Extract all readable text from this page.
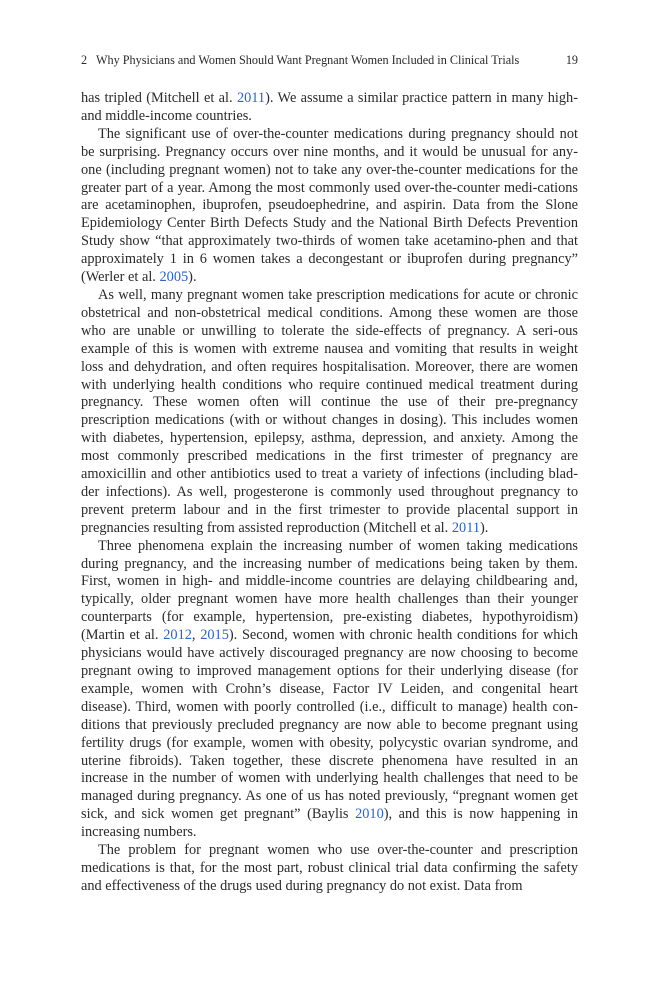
2 Why Physicians and Women Should Want Pregnant Women Included in Clinical Trials	19

has tripled (Mitchell et al. 2011). We assume a similar practice pattern in many high- and middle-income countries.

The significant use of over-the-counter medications during pregnancy should not be surprising. Pregnancy occurs over nine months, and it would be unusual for any-one (including pregnant women) not to take any over-the-counter medications for the greater part of a year. Among the most commonly used over-the-counter medi-cations are acetaminophen, ibuprofen, pseudoephedrine, and aspirin. Data from the Slone Epidemiology Center Birth Defects Study and the National Birth Defects Prevention Study show “that approximately two-thirds of women take acetamino-phen and that approximately 1 in 6 women takes a decongestant or ibuprofen during pregnancy” (Werler et al. 2005).

As well, many pregnant women take prescription medications for acute or chronic obstetrical and non-obstetrical medical conditions. Among these women are those who are unable or unwilling to tolerate the side-effects of pregnancy. A seri-ous example of this is women with extreme nausea and vomiting that results in weight loss and dehydration, and often requires hospitalisation. Moreover, there are women with underlying health conditions who require continued medical treatment during pregnancy. These women often will continue the use of their pre-pregnancy prescription medications (with or without changes in dosing). This includes women with diabetes, hypertension, epilepsy, asthma, depression, and anxiety. Among the most commonly prescribed medications in the first trimester of pregnancy are amoxicillin and other antibiotics used to treat a variety of infections (including blad-der infections). As well, progesterone is commonly used throughout pregnancy to prevent preterm labour and in the first trimester to provide placental support in pregnancies resulting from assisted reproduction (Mitchell et al. 2011).

Three phenomena explain the increasing number of women taking medications during pregnancy, and the increasing number of medications being taken by them. First, women in high- and middle-income countries are delaying childbearing and, typically, older pregnant women have more health challenges than their younger counterparts (for example, hypertension, pre-existing diabetes, hypothyroidism) (Martin et al. 2012, 2015). Second, women with chronic health conditions for which physicians would have actively discouraged pregnancy are now choosing to become pregnant owing to improved management options for their underlying disease (for example, women with Crohn’s disease, Factor IV Leiden, and congenital heart disease). Third, women with poorly controlled (i.e., difficult to manage) health con-ditions that previously precluded pregnancy are now able to become pregnant using fertility drugs (for example, women with obesity, polycystic ovarian syndrome, and uterine fibroids). Taken together, these discrete phenomena have resulted in an increase in the number of women with underlying health challenges that need to be managed during pregnancy. As one of us has noted previously, “pregnant women get sick, and sick women get pregnant” (Baylis 2010), and this is now happening in increasing numbers.

The problem for pregnant women who use over-the-counter and prescription medications is that, for the most part, robust clinical trial data confirming the safety and effectiveness of the drugs used during pregnancy do not exist. Data from
